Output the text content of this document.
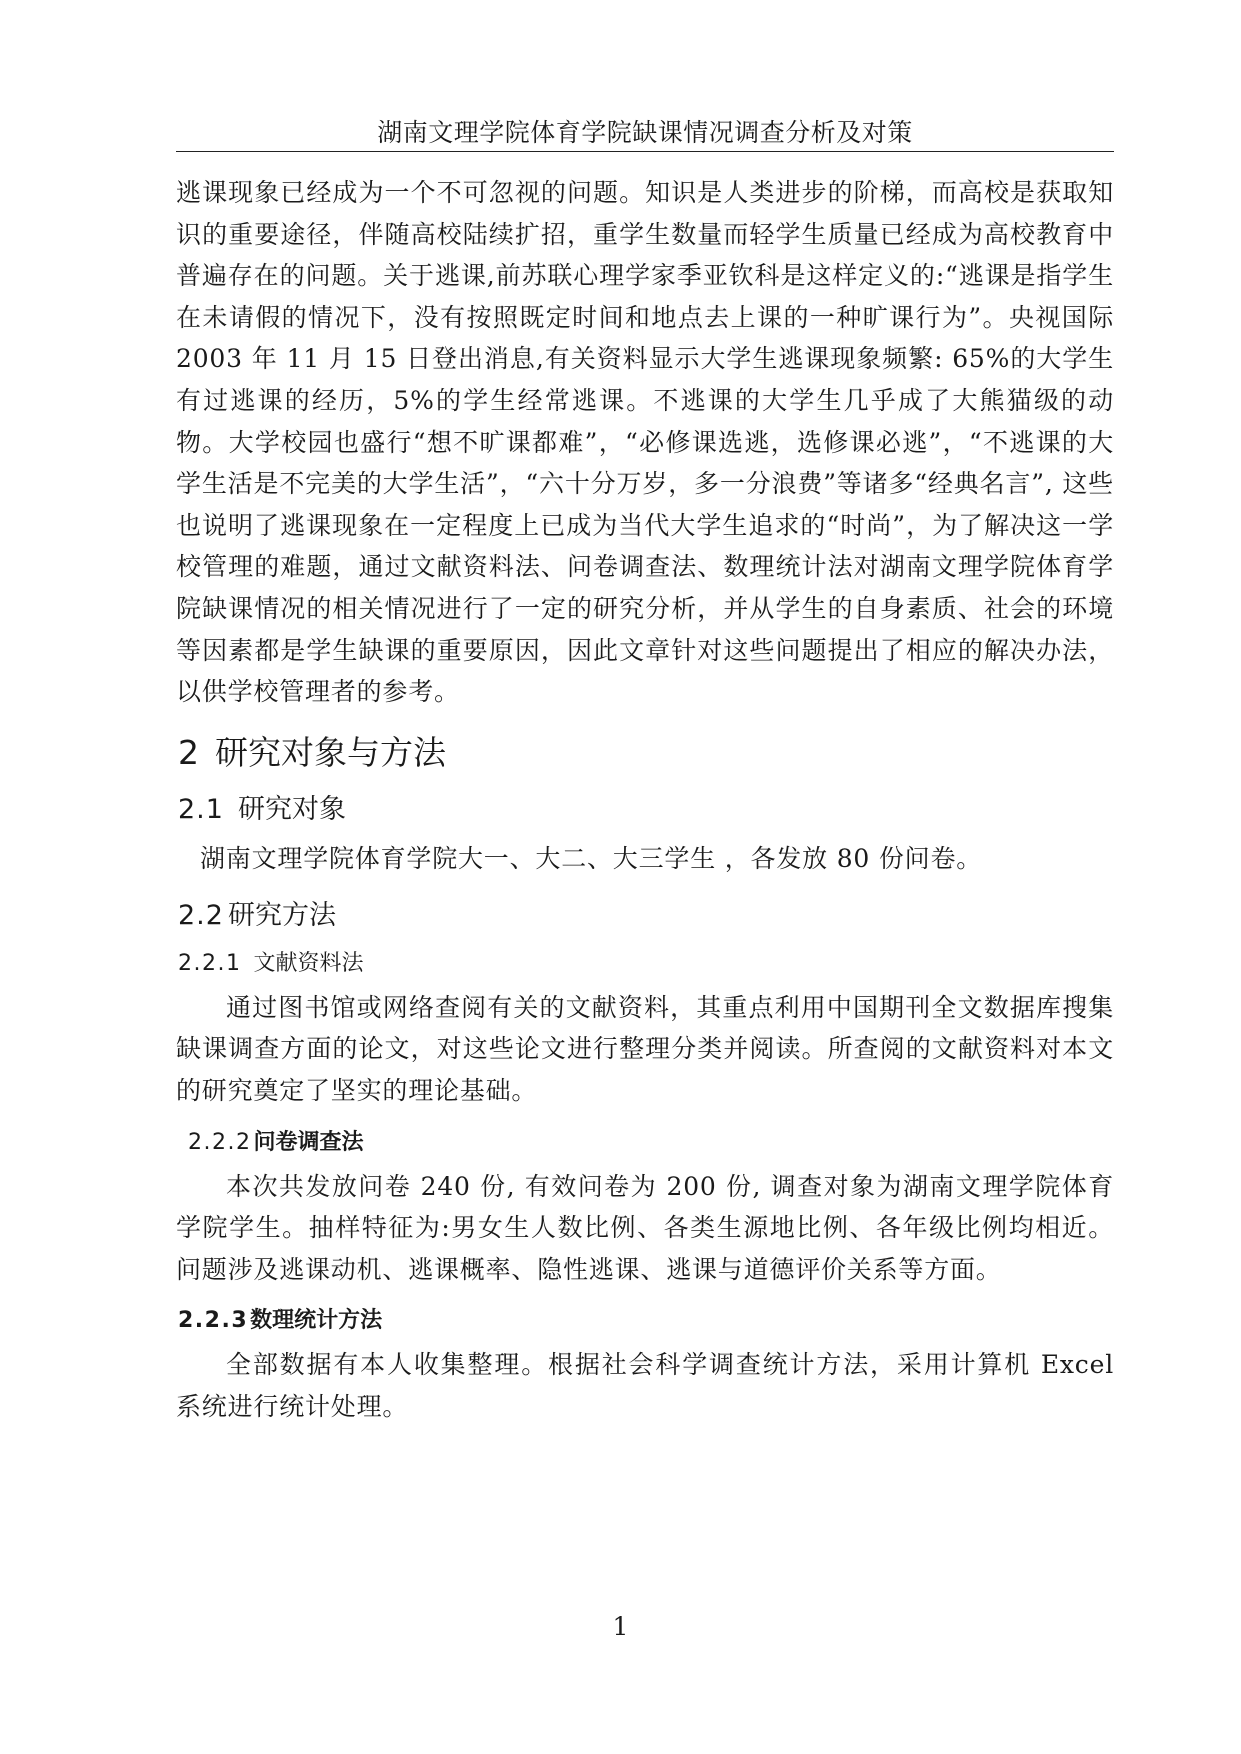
湖南文理学院体育学院缺课情况调查分析及对策

逃课现象已经成为一个不可忽视的问题。知识是人类进步的阶梯，而高校是获取知识的重要途径，伴随高校陆续扩招，重学生数量而轻学生质量已经成为高校教育中普遍存在的问题。关于逃课,前苏联心理学家季亚钦科是这样定义的:“逃课是指学生在未请假的情况下，没有按照既定时间和地点去上课的一种旷课行为”。央视国际 2003 年 11 月 15 日登出消息,有关资料显示大学生逃课现象频繁: 65%的大学生有过逃课的经历，5%的学生经常逃课。不逃课的大学生几乎成了大熊猫级的动物。大学校园也盛行“想不旷课都难”，“必修课选逃，选修课必逃”，“不逃课的大学生活是不完美的大学生活”，“六十分万岁，多一分浪费”等诸多“经典名言”, 这些也说明了逃课现象在一定程度上已成为当代大学生追求的“时尚”，为了解决这一学校管理的难题，通过文献资料法、问卷调查法、数理统计法对湖南文理学院体育学院缺课情况的相关情况进行了一定的研究分析，并从学生的自身素质、社会的环境等因素都是学生缺课的重要原因，因此文章针对这些问题提出了相应的解决办法，以供学校管理者的参考。

2 研究对象与方法
2.1 研究对象
湖南文理学院体育学院大一、大二、大三学生 ，各发放 80 份问卷。
2.2 研究方法
2.2.1 文献资料法

通过图书馆或网络查阅有关的文献资料，其重点利用中国期刊全文数据库搜集缺课调查方面的论文，对这些论文进行整理分类并阅读。所查阅的文献资料对本文的研究奠定了坚实的理论基础。

2.2.2问卷调查法

本次共发放问卷 240 份, 有效问卷为 200 份, 调查对象为湖南文理学院体育学院学生。抽样特征为:男女生人数比例、各类生源地比例、各年级比例均相近。问题涉及逃课动机、逃课概率、隐性逃课、逃课与道德评价关系等方面。

2.2.3数理统计方法

全部数据有本人收集整理。根据社会科学调查统计方法，采用计算机 Excel 系统进行统计处理。

1
